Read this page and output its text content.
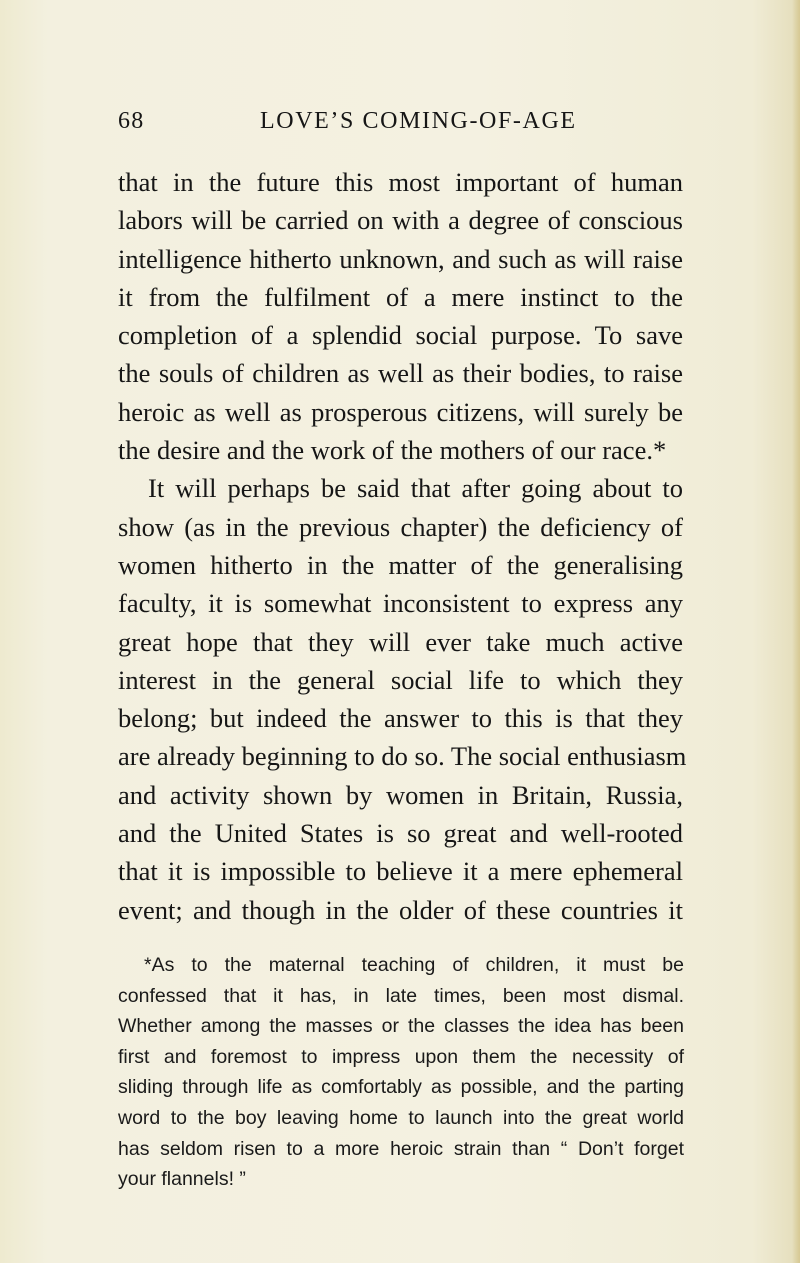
68	LOVE’S COMING-OF-AGE
that in the future this most important of human
labors will be carried on with a degree of conscious
intelligence hitherto unknown, and such as will raise
it from the fulfilment of a mere instinct to the
completion of a splendid social purpose. To save
the souls of children as well as their bodies, to raise
heroic as well as prosperous citizens, will surely be
the desire and the work of the mothers of our race.*
It will perhaps be said that after going about to
show (as in the previous chapter) the deficiency of
women hitherto in the matter of the generalising
faculty, it is somewhat inconsistent to express any
great hope that they will ever take much active
interest in the general social life to which they
belong; but indeed the answer to this is that they
are already beginning to do so. The social enthusiasm
and activity shown by women in Britain, Russia,
and the United States is so great and well-rooted
that it is impossible to believe it a mere ephemeral
event; and though in the older of these countries it
*As to the maternal teaching of children, it must be
confessed that it has, in late times, been most dismal.
Whether among the masses or the classes the idea has been
first and foremost to impress upon them the necessity of
sliding through life as comfortably as possible, and the parting
word to the boy leaving home to launch into the great world
has seldom risen to a more heroic strain than “ Don’t forget
your flannels! ”
